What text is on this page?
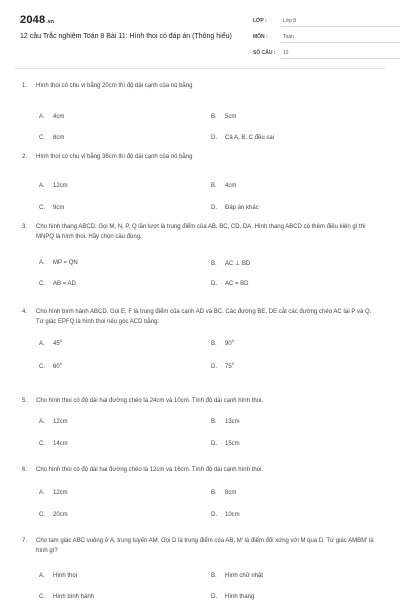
2048.vn
12 câu Trắc nghiệm Toán 8 Bài 11: Hình thoi có đáp án (Thông hiểu)
LỚP :	Lớp 8
MÔN :	Toán
SỐ CÂU : 12
1. Hình thoi có chu vi bằng 20cm thì độ dài cạnh của nó bằng
A. 4cm	B. 5cm
C. 8cm	D. Cả A, B, C đều sai
2. Hình thoi có chu vi bằng 36cm thì độ dài cạnh của nó bằng
A. 12cm	B. 4cm
C. 9cm	D. Đáp án khác
3. Cho hình thang ABCD. Gọi M, N, P, Q lần lượt là trung điểm của AB, BC, CD, DA. Hình thang ABCD có thêm điều kiện gì thì MNPQ là hình thoi. Hãy chọn câu đúng.
A. MP = QN	B. AC ⊥ BD
C. AB = AD	D. AC = BD
4. Cho hình bình hành ABCD. Gọi E, F là trung điểm của cạnh AD và BC. Các đường BE, DE cắt các đường chéo AC tại P và Q. Tứ giác EPFQ là hình thoi nếu góc ACD bằng:
A. $45^0$
B. $90^0$
C. $60^0$
D. $75^0$
5. Cho hình thoi có độ dài hai đường chéo là 24cm và 10cm. Tính độ dài cạnh hình thoi.
A. 12cm	B. 13cm
C. 14cm	D. 15cm
6. Cho hình thoi có độ dài hai đường chéo là 12cm và 16cm. Tính độ dài cạnh hình thoi.
A. 12cm	B. 8cm
C. 20cm	D. 10cm
7. Cho tam giác ABC vuông ở A, trung tuyến AM. Gọi D là trung điểm của AB, M' là điểm đối xứng với M qua D. Tứ giác AMBM' là hình gì?
A. Hình thoi	B. Hình chữ nhật
C. Hình bình hành	D. Hình thang
